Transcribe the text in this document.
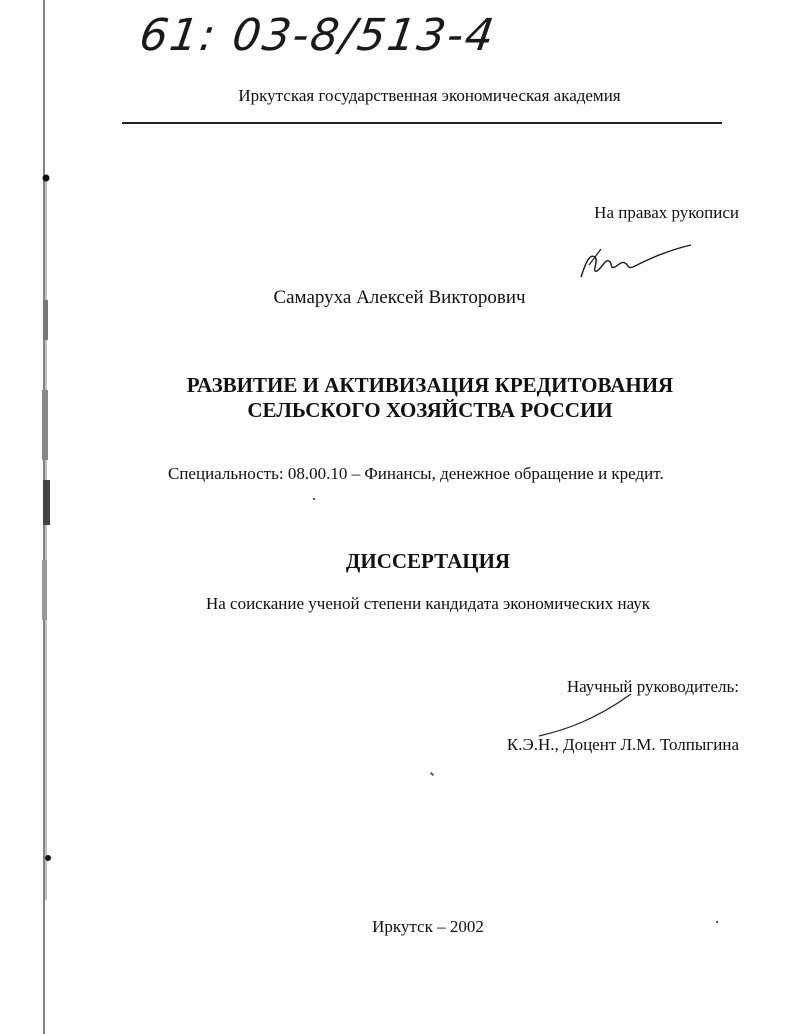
61: 03-8/513-4
Иркутская государственная экономическая академия
На правах рукописи
Самаруха Алексей Викторович
РАЗВИТИЕ И АКТИВИЗАЦИЯ КРЕДИТОВАНИЯ
СЕЛЬСКОГО ХОЗЯЙСТВА РОССИИ
Специальность: 08.00.10 – Финансы, денежное обращение и кредит.
ДИССЕРТАЦИЯ
На соискание ученой степени кандидата экономических наук
Научный руководитель:
К.Э.Н., Доцент Л.М. Толпыгина
Иркутск – 2002
